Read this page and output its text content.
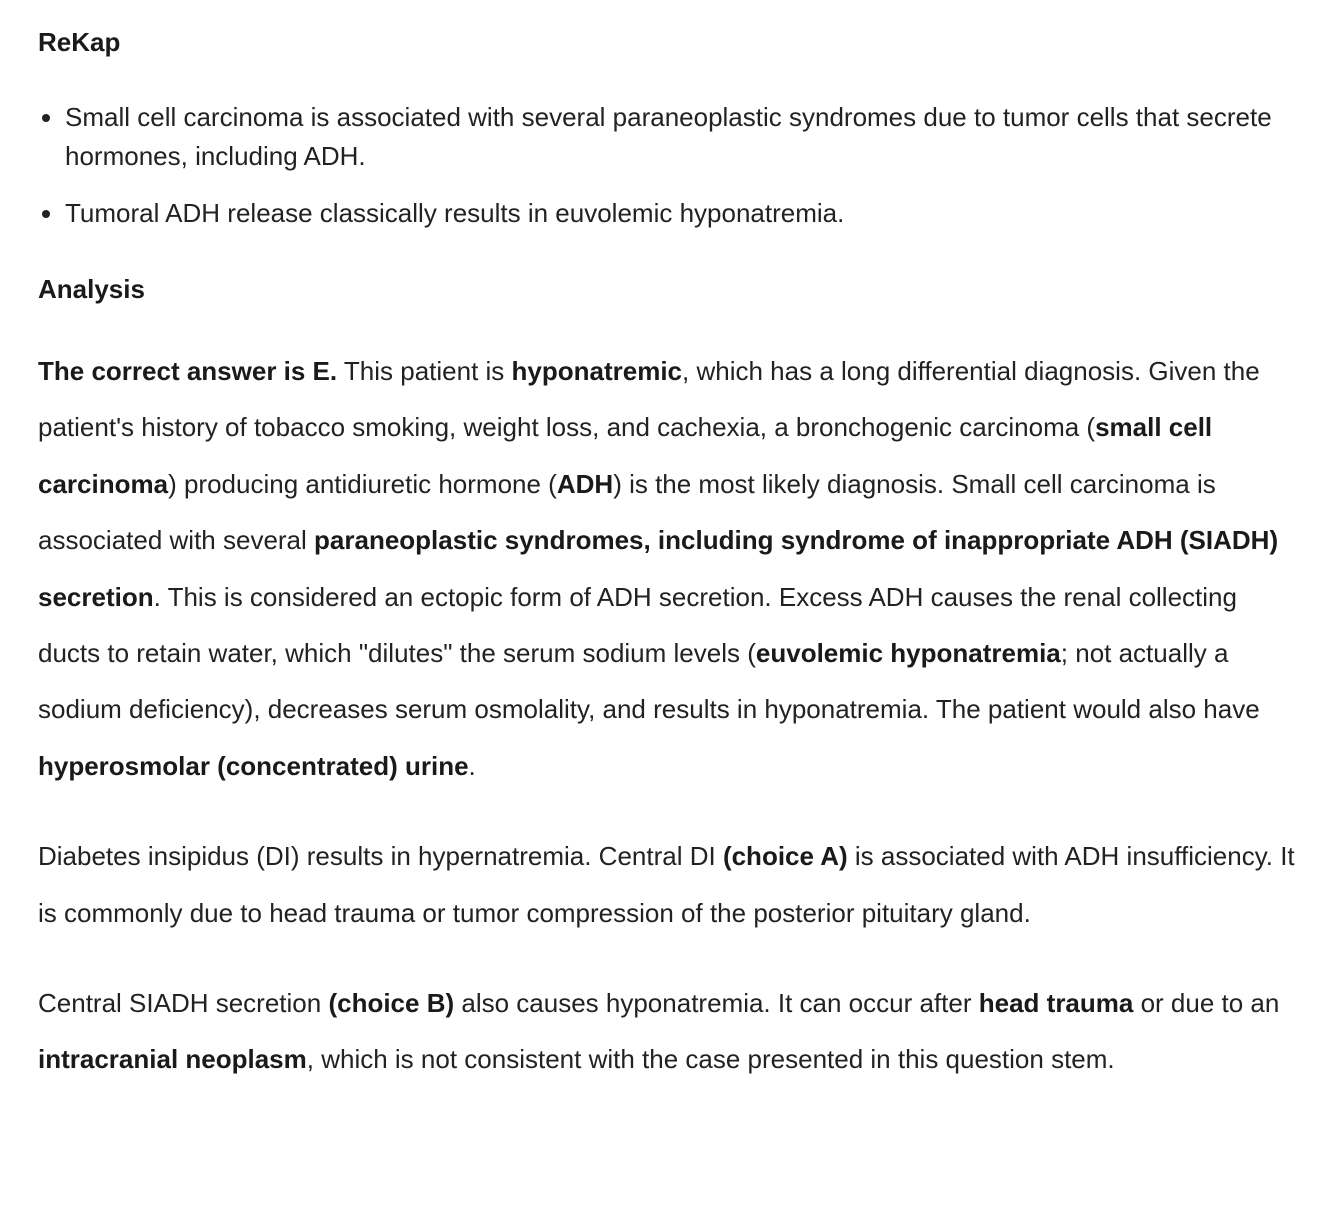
ReKap
• Small cell carcinoma is associated with several paraneoplastic syndromes due to tumor cells that secrete hormones, including ADH.
• Tumoral ADH release classically results in euvolemic hyponatremia.
Analysis

The correct answer is E. This patient is hyponatremic, which has a long differential diagnosis. Given the patient's history of tobacco smoking, weight loss, and cachexia, a bronchogenic carcinoma (small cell carcinoma) producing antidiuretic hormone (ADH) is the most likely diagnosis. Small cell carcinoma is associated with several paraneoplastic syndromes, including syndrome of inappropriate ADH (SIADH) secretion. This is considered an ectopic form of ADH secretion. Excess ADH causes the renal collecting ducts to retain water, which "dilutes" the serum sodium levels (euvolemic hyponatremia; not actually a sodium deficiency), decreases serum osmolality, and results in hyponatremia. The patient would also have hyperosmolar (concentrated) urine.

Diabetes insipidus (DI) results in hypernatremia. Central DI (choice A) is associated with ADH insufficiency. It is commonly due to head trauma or tumor compression of the posterior pituitary gland.

Central SIADH secretion (choice B) also causes hyponatremia. It can occur after head trauma or due to an intracranial neoplasm, which is not consistent with the case presented in this question stem.
